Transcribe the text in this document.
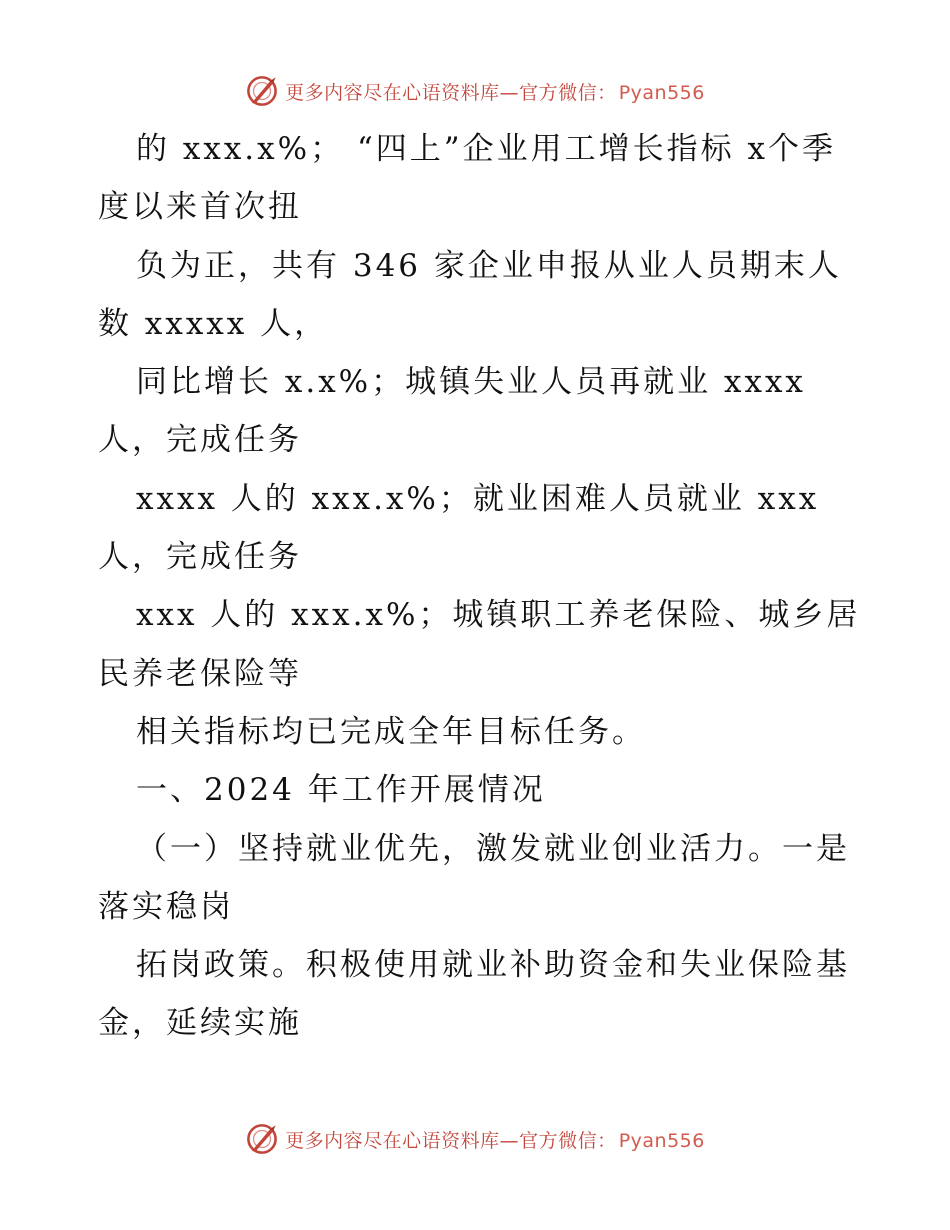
更多内容尽在心语资料库—官方微信： Pyan556
的 xxx.x%； “四上”企业用工增长指标 x个季
度以来首次扭
负为正，共有 346 家企业申报从业人员期末人
数 xxxxx 人，
同比增长 x.x%；城镇失业人员再就业 xxxx
人，完成任务
xxxx 人的 xxx.x%；就业困难人员就业 xxx
人，完成任务
xxx 人的 xxx.x%；城镇职工养老保险、城乡居
民养老保险等
相关指标均已完成全年目标任务。
一、2024 年工作开展情况
（一）坚持就业优先，激发就业创业活力。一是
落实稳岗
拓岗政策。积极使用就业补助资金和失业保险基
金，延续实施
更多内容尽在心语资料库—官方微信： Pyan556
